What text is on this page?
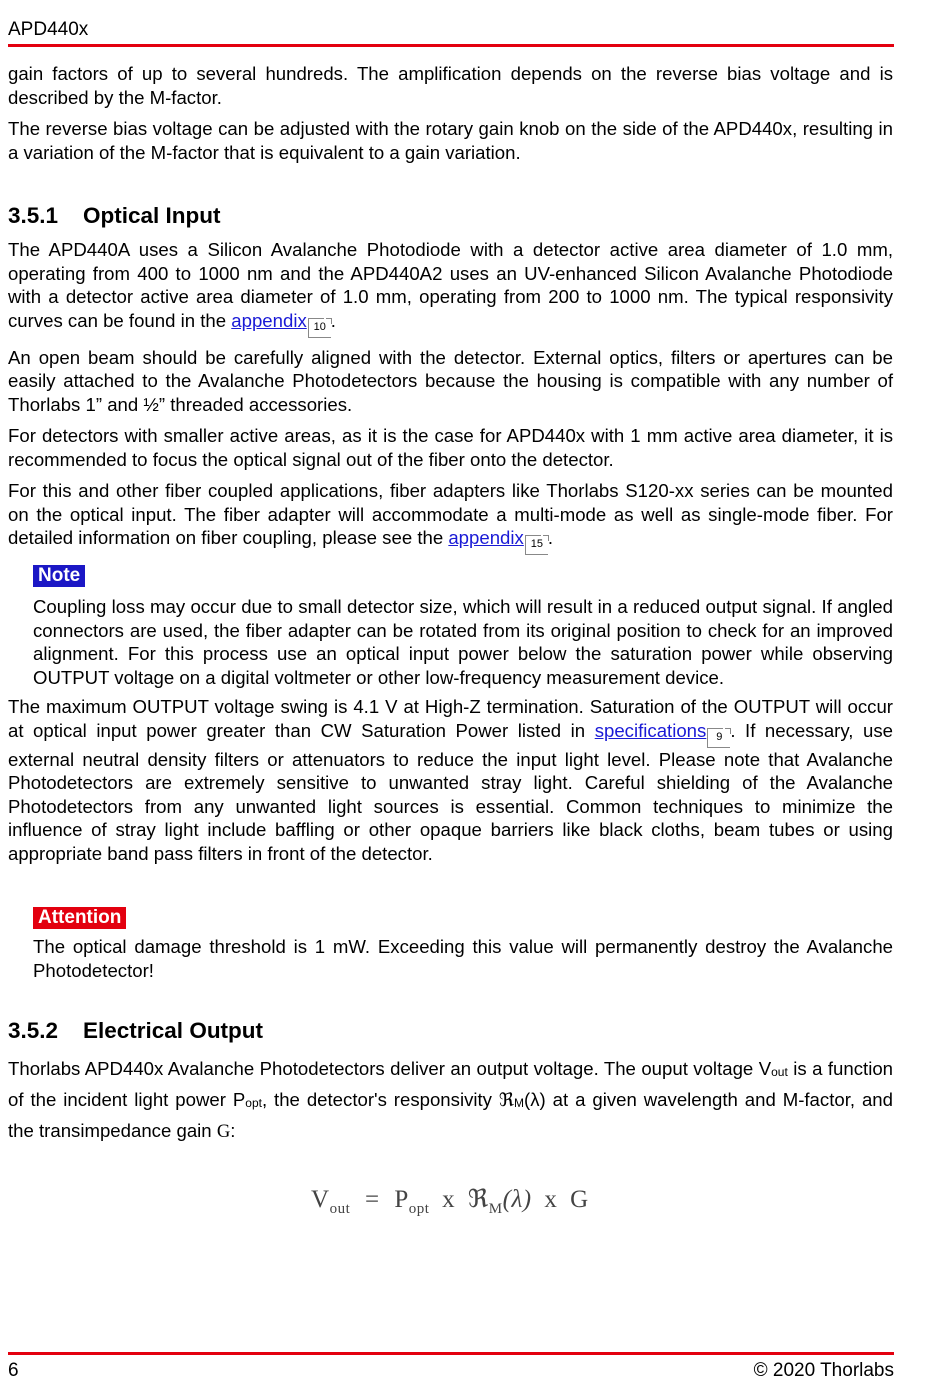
APD440x

gain factors of up to several hundreds. The amplification depends on the reverse bias voltage and is described by the M-factor.

The reverse bias voltage can be adjusted with the rotary gain knob on the side of the APD440x, resulting in a variation of the M-factor that is equivalent to a gain variation.

3.5.1 Optical Input

The APD440A uses a Silicon Avalanche Photodiode with a detector active area diameter of 1.0 mm, operating from 400 to 1000 nm and the APD440A2 uses an UV-enhanced Silicon Avalanche Photodiode with a detector active area diameter of 1.0 mm, operating from 200 to 1000 nm. The typical responsivity curves can be found in the appendix 10 .

An open beam should be carefully aligned with the detector. External optics, filters or apertures can be easily attached to the Avalanche Photodetectors because the housing is compatible with any number of Thorlabs 1” and ½” threaded accessories.

For detectors with smaller active areas, as it is the case for APD440x with 1 mm active area diameter, it is recommended to focus the optical signal out of the fiber onto the detector.

For this and other fiber coupled applications, fiber adapters like Thorlabs S120-xx series can be mounted on the optical input. The fiber adapter will accommodate a multi-mode as well as single-mode fiber. For detailed information on fiber coupling, please see the appendix 15 .

Note

Coupling loss may occur due to small detector size, which will result in a reduced output signal. If angled connectors are used, the fiber adapter can be rotated from its original position to check for an improved alignment. For this process use an optical input power below the saturation power while observing OUTPUT voltage on a digital voltmeter or other low-frequency measurement device.

The maximum OUTPUT voltage swing is 4.1 V at High-Z termination. Saturation of the OUTPUT will occur at optical input power greater than CW Saturation Power listed in specifications 9 . If necessary, use external neutral density filters or attenuators to reduce the input light level. Please note that Avalanche Photodetectors are extremely sensitive to unwanted stray light. Careful shielding of the Avalanche Photodetectors from any unwanted light sources is essential. Common techniques to minimize the influence of stray light include baffling or other opaque barriers like black cloths, beam tubes or using appropriate band pass filters in front of the detector.

Attention

The optical damage threshold is 1 mW. Exceeding this value will permanently destroy the Avalanche Photodetector!

3.5.2 Electrical Output

Thorlabs APD440x Avalanche Photodetectors deliver an output voltage. The ouput voltage $V_{out}$ is a function of the incident light power $P_{opt}$, the detector's responsivity ℜ$_M$(λ) at a given wavelength and M-factor, and the transimpedance gain G:

$V_{out} = P_{opt}$ x ℜ$_M$(λ) x G
6	© 2020 Thorlabs
